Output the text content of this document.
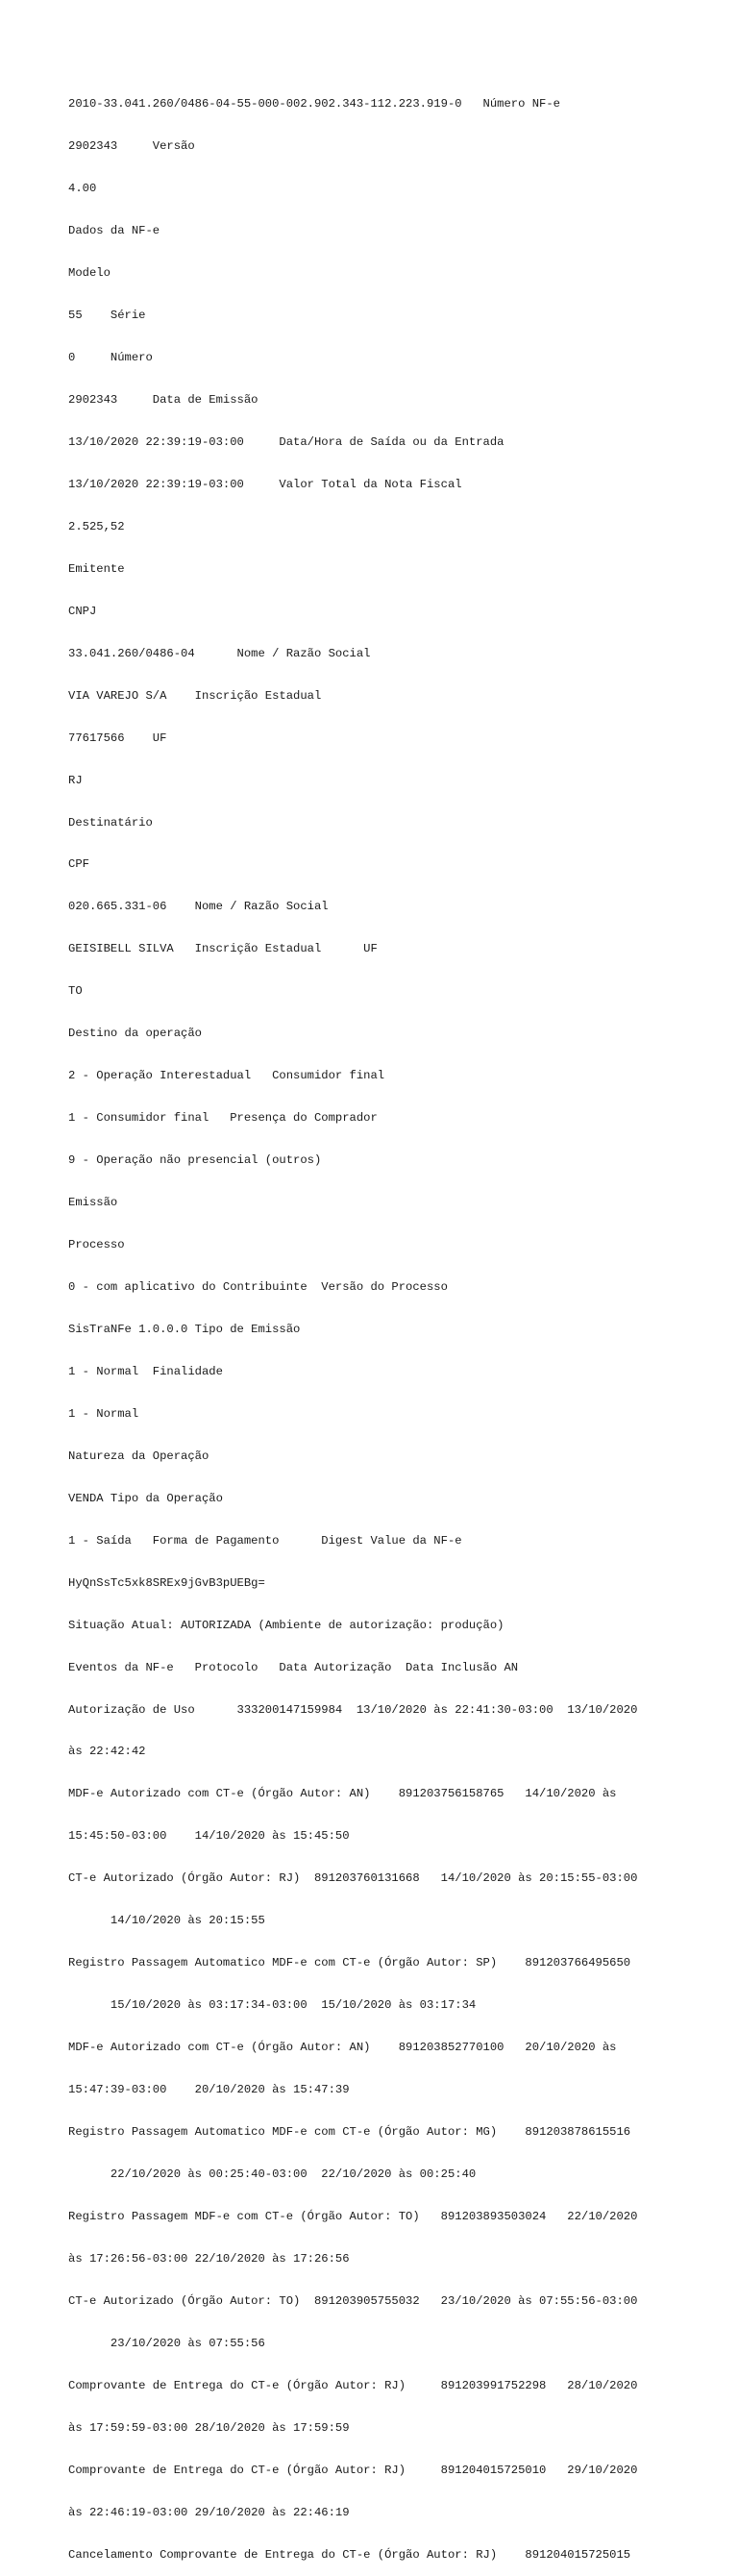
2010-33.041.260/0486-04-55-000-002.902.343-112.223.919-0   Número NF-e

2902343     Versão

4.00

Dados da NF-e

Modelo

55    Série

0     Número

2902343     Data de Emissão

13/10/2020 22:39:19-03:00     Data/Hora de Saída ou da Entrada

13/10/2020 22:39:19-03:00     Valor Total da Nota Fiscal

2.525,52

Emitente

CNPJ

33.041.260/0486-04      Nome / Razão Social

VIA VAREJO S/A    Inscrição Estadual

77617566    UF

RJ

Destinatário

CPF

020.665.331-06    Nome / Razão Social

GEISIBELL SILVA   Inscrição Estadual      UF

TO

Destino da operação

2 - Operação Interestadual   Consumidor final

1 - Consumidor final   Presença do Comprador

9 - Operação não presencial (outros)

Emissão

Processo

0 - com aplicativo do Contribuinte  Versão do Processo

SisTraNFe 1.0.0.0 Tipo de Emissão

1 - Normal  Finalidade

1 - Normal

Natureza da Operação

VENDA Tipo da Operação

1 - Saída   Forma de Pagamento      Digest Value da NF-e

HyQnSsTc5xk8SREx9jGvB3pUEBg=

Situação Atual: AUTORIZADA (Ambiente de autorização: produção)

Eventos da NF-e   Protocolo   Data Autorização  Data Inclusão AN

Autorização de Uso      333200147159984  13/10/2020 às 22:41:30-03:00  13/10/2020

às 22:42:42

MDF-e Autorizado com CT-e (Órgão Autor: AN)    891203756158765   14/10/2020 às

15:45:50-03:00    14/10/2020 às 15:45:50

CT-e Autorizado (Órgão Autor: RJ)  891203760131668   14/10/2020 às 20:15:55-03:00

14/10/2020 às 20:15:55

Registro Passagem Automatico MDF-e com CT-e (Órgão Autor: SP)    891203766495650

15/10/2020 às 03:17:34-03:00  15/10/2020 às 03:17:34

MDF-e Autorizado com CT-e (Órgão Autor: AN)    891203852770100   20/10/2020 às

15:47:39-03:00    20/10/2020 às 15:47:39

Registro Passagem Automatico MDF-e com CT-e (Órgão Autor: MG)    891203878615516

22/10/2020 às 00:25:40-03:00  22/10/2020 às 00:25:40

Registro Passagem MDF-e com CT-e (Órgão Autor: TO)   891203893503024   22/10/2020

às 17:26:56-03:00 22/10/2020 às 17:26:56

CT-e Autorizado (Órgão Autor: TO)  891203905755032   23/10/2020 às 07:55:56-03:00

23/10/2020 às 07:55:56

Comprovante de Entrega do CT-e (Órgão Autor: RJ)     891203991752298   28/10/2020

às 17:59:59-03:00 28/10/2020 às 17:59:59

Comprovante de Entrega do CT-e (Órgão Autor: RJ)     891204015725010   29/10/2020

às 22:46:19-03:00 29/10/2020 às 22:46:19

Cancelamento Comprovante de Entrega do CT-e (Órgão Autor: RJ)    891204015725015
